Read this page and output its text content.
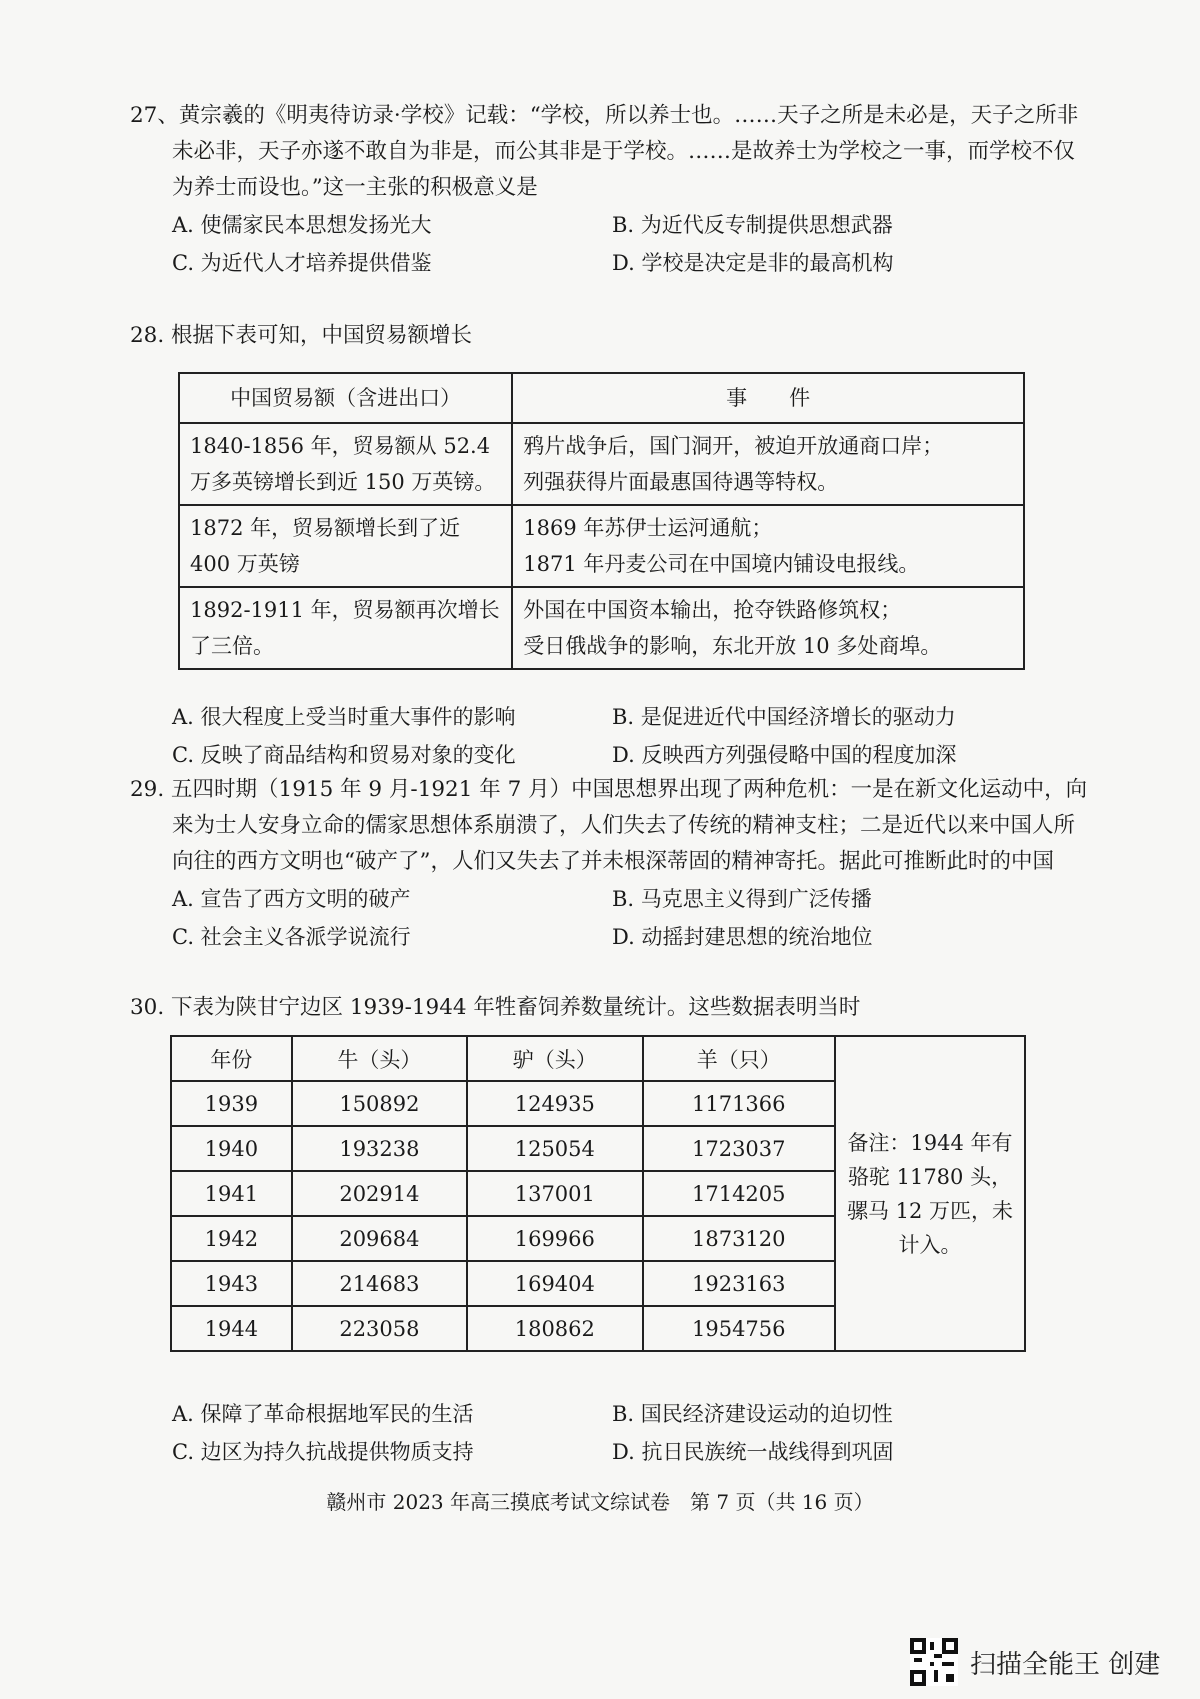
27、黄宗羲的《明夷待访录·学校》记载：“学校，所以养士也。……天子之所是未必是，天子之所非未必非，天子亦遂不敢自为非是，而公其非是于学校。……是故养士为学校之一事，而学校不仅为养士而设也。”这一主张的积极意义是

A. 使儒家民本思想发扬光大	B. 为近代反专制提供思想武器
C. 为近代人才培养提供借鉴	D. 学校是决定是非的最高机构

28. 根据下表可知，中国贸易额增长

中国贸易额（含进出口）	事　　件
1840-1856 年，贸易额从 52.4 万多英镑增长到近 150 万英镑。	鸦片战争后，国门洞开，被迫开放通商口岸；
列强获得片面最惠国待遇等特权。

1872 年，贸易额增长到了近 400 万英镑	1869 年苏伊士运河通航；
1871 年丹麦公司在中国境内铺设电报线。

1892-1911 年，贸易额再次增长了三倍。	外国在中国资本输出，抢夺铁路修筑权；
受日俄战争的影响，东北开放 10 多处商埠。
A. 很大程度上受当时重大事件的影响	B. 是促进近代中国经济增长的驱动力
C. 反映了商品结构和贸易对象的变化	D. 反映西方列强侵略中国的程度加深

29. 五四时期（1915 年 9 月-1921 年 7 月）中国思想界出现了两种危机：一是在新文化运动中，向来为士人安身立命的儒家思想体系崩溃了，人们失去了传统的精神支柱；二是近代以来中国人所向往的西方文明也“破产了”，人们又失去了并未根深蒂固的精神寄托。据此可推断此时的中国

A. 宣告了西方文明的破产	B. 马克思主义得到广泛传播
C. 社会主义各派学说流行	D. 动摇封建思想的统治地位

30. 下表为陕甘宁边区 1939-1944 年牲畜饲养数量统计。这些数据表明当时

年份	牛（头）	驴（头）	羊（只）	备注：1944 年有骆驼 11780 头，骡马 12 万匹，未计入。
1939	150892	124935	1171366	
1940	193238	125054	1723037	
1941	202914	137001	1714205	
1942	209684	169966	1873120	
1943	214683	169404	1923163	
1944	223058	180862	1954756	
A. 保障了革命根据地军民的生活	B. 国民经济建设运动的迫切性
C. 边区为持久抗战提供物质支持	D. 抗日民族统一战线得到巩固
赣州市 2023 年高三摸底考试文综试卷　第 7 页（共 16 页）
扫描全能王 创建
